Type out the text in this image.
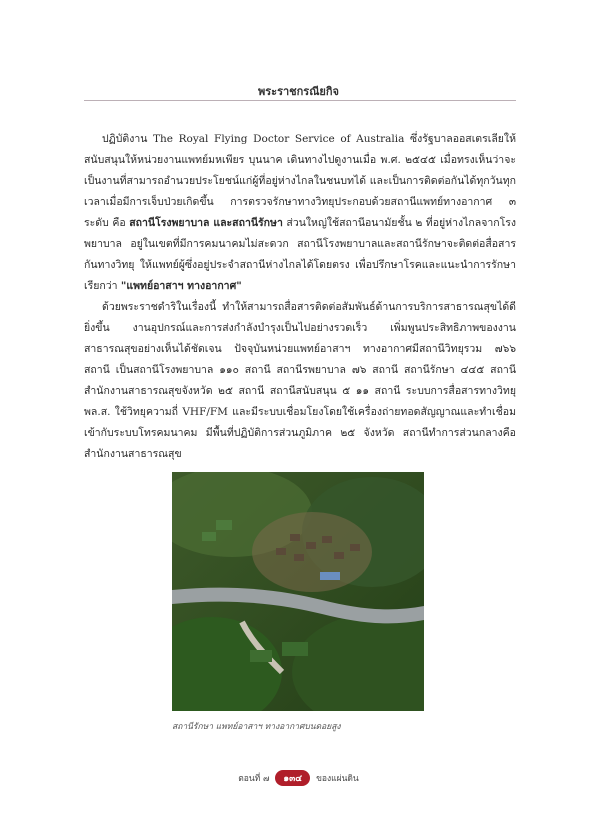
พระราชกรณียกิจ

ปฏิบัติงาน The Royal Flying Doctor Service of Australia ซึ่งรัฐบาลออสเตรเลียให้สนับสนุนให้หน่วยงานแพทย์มหเพียร บุนนาค เดินทางไปดูงานเมื่อ พ.ศ. ๒๕๔๕ เมื่อทรงเห็นว่าจะเป็นงานที่สามารถอำนวยประโยชน์แก่ผู้ที่อยู่ห่างไกลในชนบทได้ และเป็นการติดต่อกันได้ทุกวันทุกเวลาเมื่อมีการเจ็บป่วยเกิดขึ้น การตรวจรักษาทางวิทยุประกอบด้วยสถานีแพทย์ทางอากาศ ๓ ระดับ คือ สถานีโรงพยาบาล และสถานีรักษา ส่วนใหญ่ใช้สถานีอนามัยชั้น ๒ ที่อยู่ห่างไกลจากโรงพยาบาล อยู่ในเขตที่มีการคมนาคมไม่สะดวก สถานีโรงพยาบาลและสถานีรักษาจะติดต่อสื่อสารกันทางวิทยุ ให้แพทย์ผู้ซึ่งอยู่ประจำสถานีห่างไกลได้โดยตรง เพื่อปรึกษาโรคและแนะนำการรักษา เรียกว่า "แพทย์อาสาฯ ทางอากาศ"

ด้วยพระราชดำริในเรื่องนี้ ทำให้สามารถสื่อสารติดต่อสัมพันธ์ด้านการบริการสาธารณสุขได้ดียิ่งขึ้น งานอุปกรณ์และการส่งกำลังบำรุงเป็นไปอย่างรวดเร็ว เพิ่มพูนประสิทธิภาพของงานสาธารณสุขอย่างเห็นได้ชัดเจน ปัจจุบันหน่วยแพทย์อาสาฯ ทางอากาศมีสถานีวิทยุรวม ๗๖๖ สถานี เป็นสถานีโรงพยาบาล ๑๑๐ สถานี สถานีรพยาบาล ๗๖ สถานี สถานีรักษา ๔๔๕ สถานี สำนักงานสาธารณสุขจังหวัด ๒๕ สถานี สถานีสนับสนุน ๕ ๑๑ สถานี ระบบการสื่อสารทางวิทยุ พล.ส. ใช้วิทยุความถี่ VHF/FM และมีระบบเชื่อมโยงโดยใช้เครื่องถ่ายทอดสัญญาณและทำเชื่อมเข้ากับระบบโทรคมนาคม มีพื้นที่ปฏิบัติการส่วนภูมิภาค ๒๕ จังหวัด สถานีทำการส่วนกลางคือ สำนักงานสาธารณสุข

สถานีรักษา แพทย์อาสาฯ ทางอากาศบนดอยสูง
ตอนที่ ๗	๑๓๔	ของแผ่นดิน
